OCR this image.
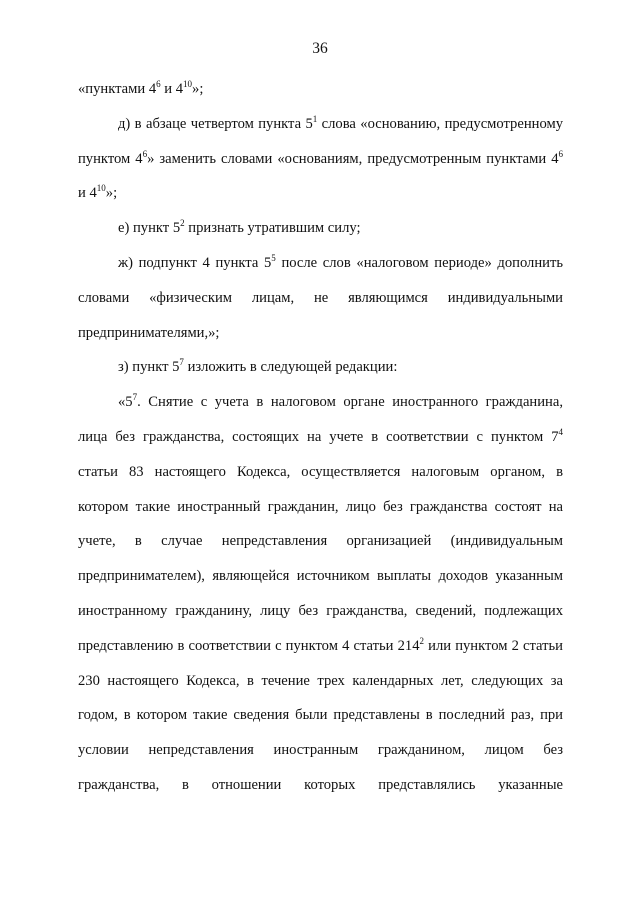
36

«пунктами $4^6$ и $4^{10}$»;

д) в абзаце четвертом пункта $5^1$ слова «основанию, предусмотренному пунктом $4^6$» заменить словами «основаниям, предусмотренным пунктами $4^6$ и $4^{10}$»;

е) пункт $5^2$ признать утратившим силу;

ж) подпункт 4 пункта $5^5$ после слов «налоговом периоде» дополнить словами «физическим лицам, не являющимся индивидуальными предпринимателями,»;

з) пункт $5^7$ изложить в следующей редакции:

«$5^7$. Снятие с учета в налоговом органе иностранного гражданина, лица без гражданства, состоящих на учете в соответствии с пунктом $7^4$ статьи 83 настоящего Кодекса, осуществляется налоговым органом, в котором такие иностранный гражданин, лицо без гражданства состоят на учете, в случае непредставления организацией (индивидуальным предпринимателем), являющейся источником выплаты доходов указанным иностранному гражданину, лицу без гражданства, сведений, подлежащих представлению в соответствии с пунктом 4 статьи $214^2$ или пунктом 2 статьи 230 настоящего Кодекса, в течение трех календарных лет, следующих за годом, в котором такие сведения были представлены в последний раз, при условии непредставления иностранным гражданином, лицом без гражданства, в отношении которых представлялись указанные
